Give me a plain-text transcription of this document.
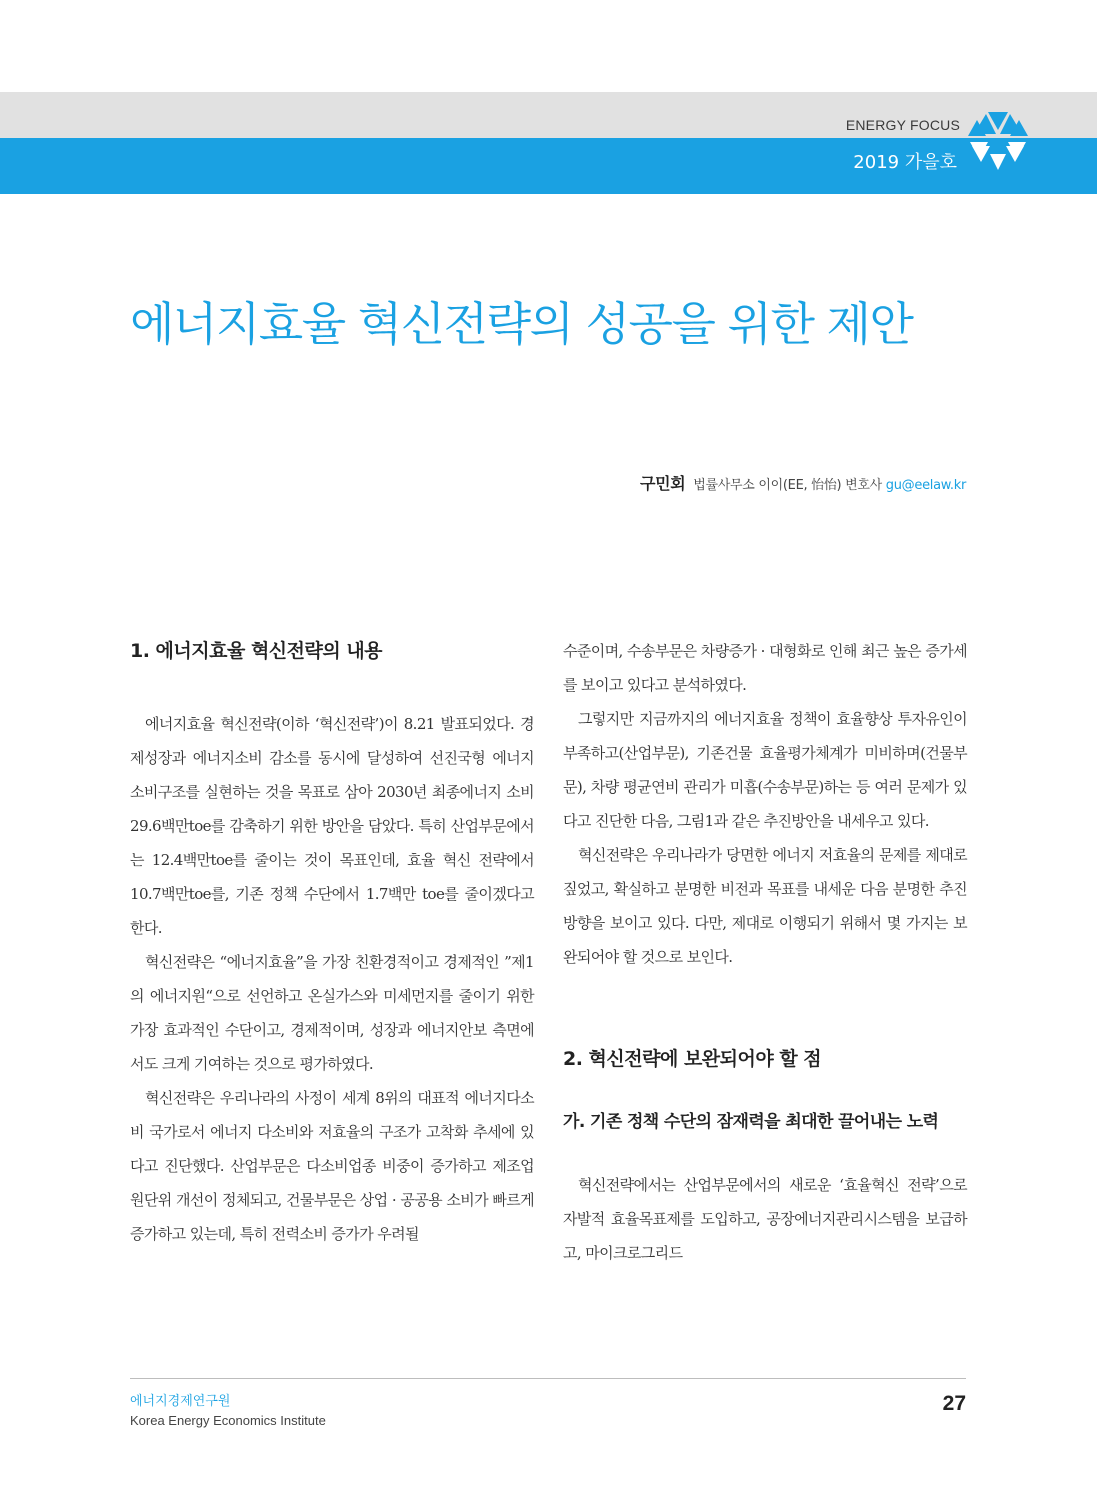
ENERGY FOCUS
2019 가을호
에너지효율 혁신전략의 성공을 위한 제안
구민회 법률사무소 이이(EE, 怡怡) 변호사 gu@eelaw.kr
1. 에너지효율 혁신전략의 내용

에너지효율 혁신전략(이하 ‘혁신전략’)이 8.21 발표되었다. 경제성장과 에너지소비 감소를 동시에 달성하여 선진국형 에너지 소비구조를 실현하는 것을 목표로 삼아 2030년 최종에너지 소비 29.6백만toe를 감축하기 위한 방안을 담았다. 특히 산업부문에서는 12.4백만toe를 줄이는 것이 목표인데, 효율 혁신 전략에서 10.7백만toe를, 기존 정책 수단에서 1.7백만 toe를 줄이겠다고 한다.

혁신전략은 “에너지효율”을 가장 친환경적이고 경제적인 ”제1의 에너지원“으로 선언하고 온실가스와 미세먼지를 줄이기 위한 가장 효과적인 수단이고, 경제적이며, 성장과 에너지안보 측면에서도 크게 기여하는 것으로 평가하였다.

혁신전략은 우리나라의 사정이 세계 8위의 대표적 에너지다소비 국가로서 에너지 다소비와 저효율의 구조가 고착화 추세에 있다고 진단했다. 산업부문은 다소비업종 비중이 증가하고 제조업 원단위 개선이 정체되고, 건물부문은 상업 · 공공용 소비가 빠르게 증가하고 있는데, 특히 전력소비 증가가 우려될

수준이며, 수송부문은 차량증가 · 대형화로 인해 최근 높은 증가세를 보이고 있다고 분석하였다.

그렇지만 지금까지의 에너지효율 정책이 효율향상 투자유인이 부족하고(산업부문), 기존건물 효율평가체계가 미비하며(건물부문), 차량 평균연비 관리가 미흡(수송부문)하는 등 여러 문제가 있다고 진단한 다음, 그림1과 같은 추진방안을 내세우고 있다.

혁신전략은 우리나라가 당면한 에너지 저효율의 문제를 제대로 짚었고, 확실하고 분명한 비전과 목표를 내세운 다음 분명한 추진 방향을 보이고 있다. 다만, 제대로 이행되기 위해서 몇 가지는 보완되어야 할 것으로 보인다.

2. 혁신전략에 보완되어야 할 점
가. 기존 정책 수단의 잠재력을 최대한 끌어내는 노력

혁신전략에서는 산업부문에서의 새로운 ‘효율혁신 전략’으로 자발적 효율목표제를 도입하고, 공장에너지관리시스템을 보급하고, 마이크로그리드

에너지경제연구원
Korea Energy Economics Institute
27
